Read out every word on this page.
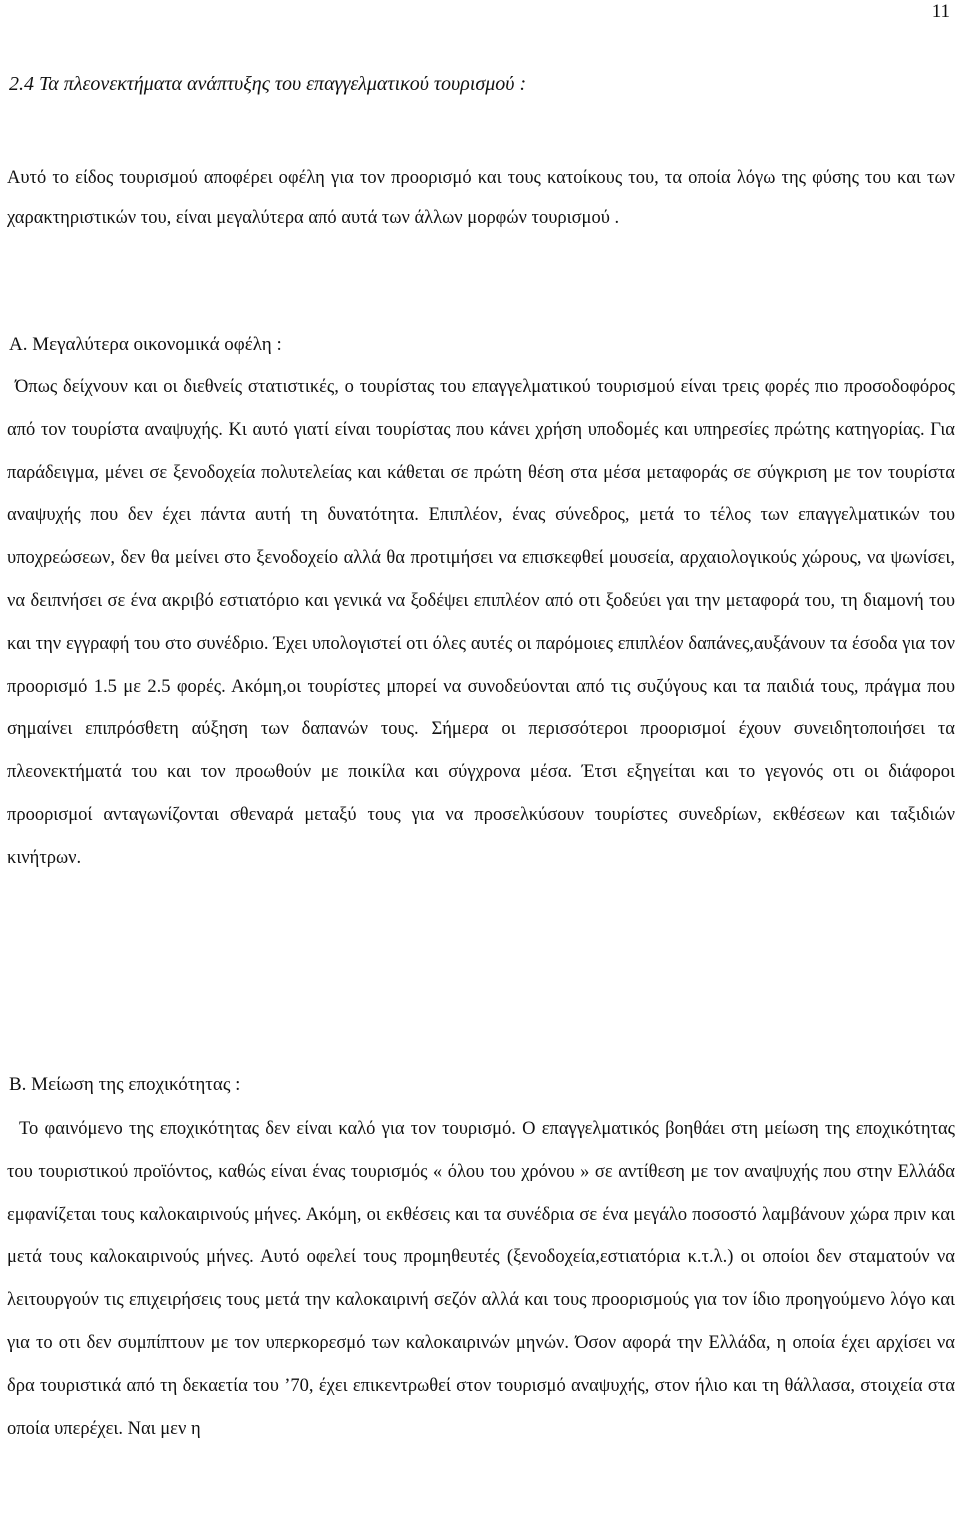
11
2.4 Τα πλεονεκτήματα ανάπτυξης του επαγγελματικού τουρισμού :

Αυτό το είδος τουρισμού αποφέρει οφέλη για τον προορισμό και τους κατοίκους του, τα οποία λόγω της φύσης του και των χαρακτηριστικών του, είναι μεγαλύτερα από αυτά των άλλων μορφών τουρισμού .

Α. Μεγαλύτερα οικονομικά οφέλη :

Όπως δείχνουν και οι διεθνείς στατιστικές, ο τουρίστας του επαγγελματικού τουρισμού είναι τρεις φορές πιο προσοδοφόρος από τον τουρίστα αναψυχής. Κι αυτό γιατί είναι τουρίστας που κάνει χρήση υποδομές και υπηρεσίες πρώτης κατηγορίας. Για παράδειγμα, μένει σε ξενοδοχεία πολυτελείας και κάθεται σε πρώτη θέση στα μέσα μεταφοράς σε σύγκριση με τον τουρίστα αναψυχής που δεν έχει πάντα αυτή τη δυνατότητα. Επιπλέον, ένας σύνεδρος, μετά το τέλος των επαγγελματικών του υποχρεώσεων, δεν θα μείνει στο ξενοδοχείο αλλά θα προτιμήσει να επισκεφθεί μουσεία, αρχαιολογικούς χώρους, να ψωνίσει, να δειπνήσει σε ένα ακριβό εστιατόριο και γενικά να ξοδέψει επιπλέον από οτι ξοδεύει γαι την μεταφορά του, τη διαμονή του και την εγγραφή του στο συνέδριο. Έχει υπολογιστεί οτι όλες αυτές οι παρόμοιες επιπλέον δαπάνες,αυξάνουν τα έσοδα για τον προορισμό 1.5 με 2.5 φορές. Ακόμη,οι τουρίστες μπορεί να συνοδεύονται από τις συζύγους και τα παιδιά τους, πράγμα που σημαίνει επιπρόσθετη αύξηση των δαπανών τους. Σήμερα οι περισσότεροι προορισμοί έχουν συνειδητοποιήσει τα πλεονεκτήματά του και τον προωθούν με ποικίλα και σύγχρονα μέσα. Έτσι εξηγείται και το γεγονός οτι οι διάφοροι προορισμοί ανταγωνίζονται σθεναρά μεταξύ τους για να προσελκύσουν τουρίστες συνεδρίων, εκθέσεων και ταξιδιών κινήτρων.

Β. Μείωση της εποχικότητας :

Το φαινόμενο της εποχικότητας δεν είναι καλό για τον τουρισμό. Ο επαγγελματικός βοηθάει στη μείωση της εποχικότητας του τουριστικού προϊόντος, καθώς είναι ένας τουρισμός « όλου του χρόνου » σε αντίθεση με τον αναψυχής που στην Ελλάδα εμφανίζεται τους καλοκαιρινούς μήνες. Ακόμη, οι εκθέσεις και τα συνέδρια σε ένα μεγάλο ποσοστό λαμβάνουν χώρα πριν και μετά τους καλοκαιρινούς μήνες. Αυτό οφελεί τους προμηθευτές (ξενοδοχεία,εστιατόρια κ.τ.λ.) οι οποίοι δεν σταματούν να λειτουργούν τις επιχειρήσεις τους μετά την καλοκαιρινή σεζόν αλλά και τους προορισμούς για τον ίδιο προηγούμενο λόγο και για το οτι δεν συμπίπτουν με τον υπερκορεσμό των καλοκαιρινών μηνών. Όσον αφορά την Ελλάδα, η οποία έχει αρχίσει να δρα τουριστικά από τη δεκαετία του ’70, έχει επικεντρωθεί στον τουρισμό αναψυχής, στον ήλιο και τη θάλλασα, στοιχεία στα οποία υπερέχει. Ναι μεν η
